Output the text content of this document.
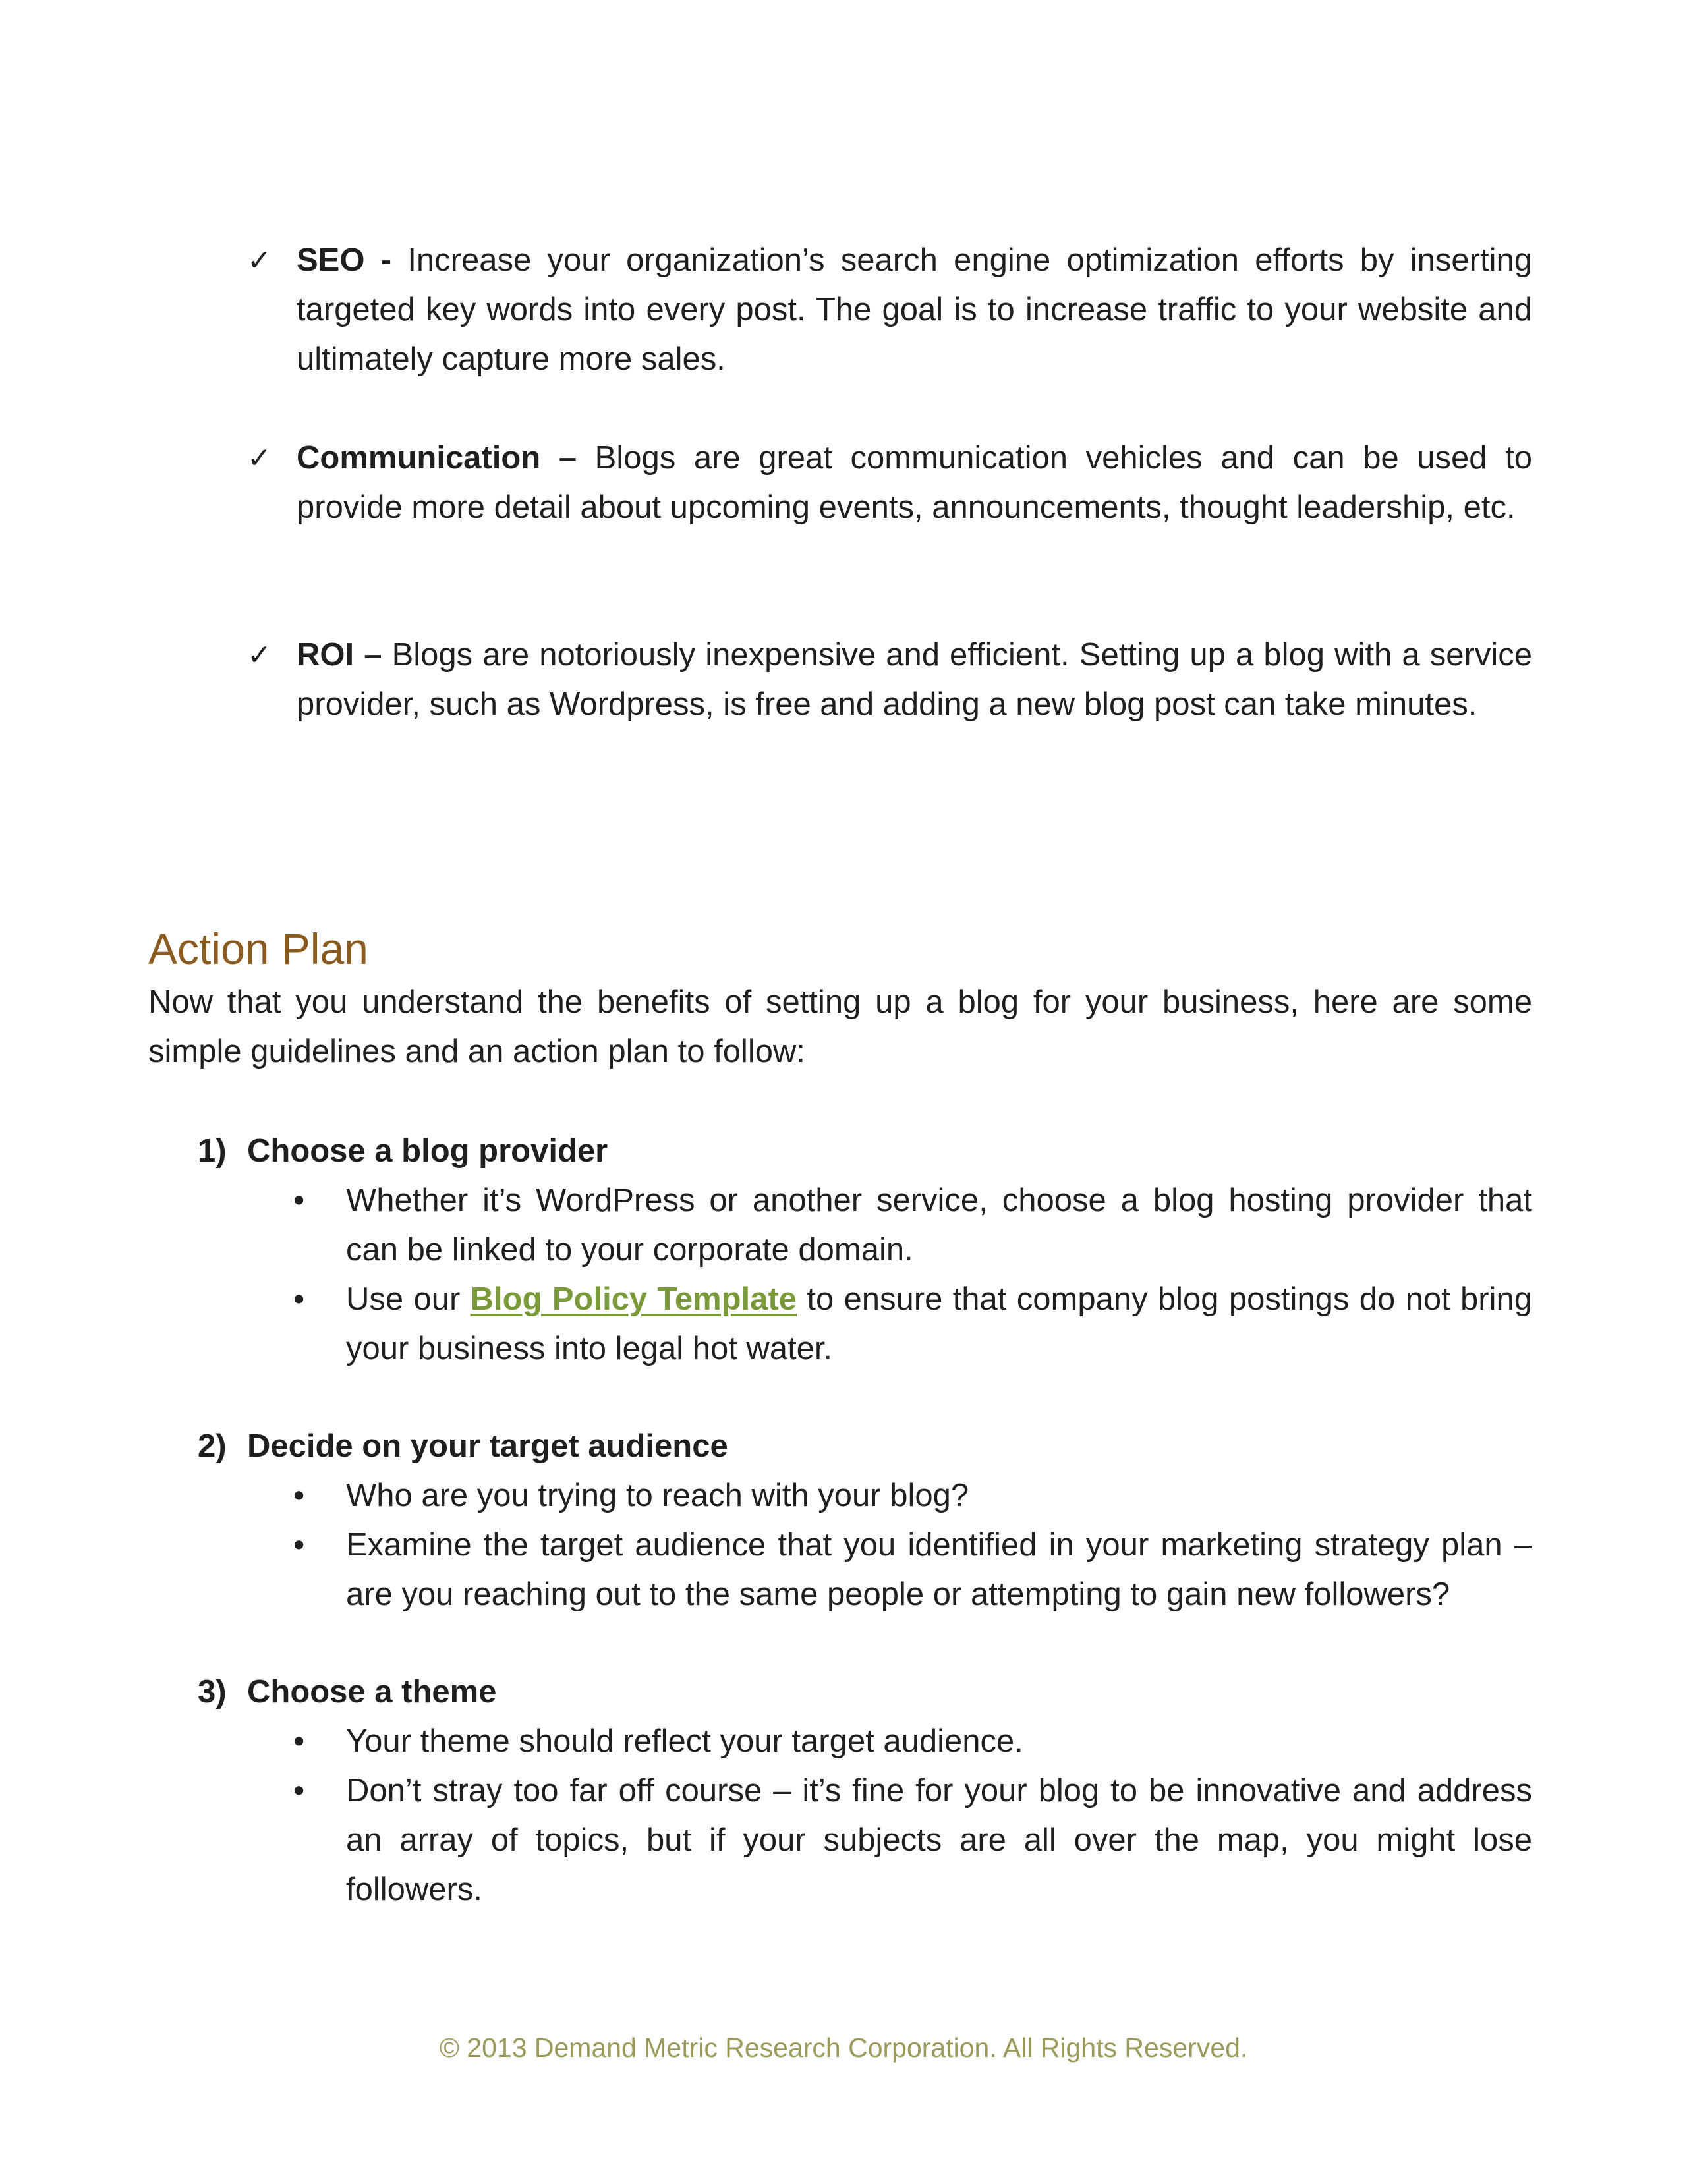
✓ SEO - Increase your organization’s search engine optimization efforts by inserting targeted key words into every post. The goal is to increase traffic to your website and ultimately capture more sales.
✓ Communication – Blogs are great communication vehicles and can be used to provide more detail about upcoming events, announcements, thought leadership, etc.
✓ ROI – Blogs are notoriously inexpensive and efficient. Setting up a blog with a service provider, such as Wordpress, is free and adding a new blog post can take minutes.
Action Plan
Now that you understand the benefits of setting up a blog for your business, here are some simple guidelines and an action plan to follow:
1) Choose a blog provider
• Whether it’s WordPress or another service, choose a blog hosting provider that can be linked to your corporate domain.
• Use our Blog Policy Template to ensure that company blog postings do not bring your business into legal hot water.
2) Decide on your target audience
• Who are you trying to reach with your blog?
• Examine the target audience that you identified in your marketing strategy plan – are you reaching out to the same people or attempting to gain new followers?
3) Choose a theme
• Your theme should reflect your target audience.
• Don’t stray too far off course – it’s fine for your blog to be innovative and address an array of topics, but if your subjects are all over the map, you might lose followers.
© 2013 Demand Metric Research Corporation. All Rights Reserved.
